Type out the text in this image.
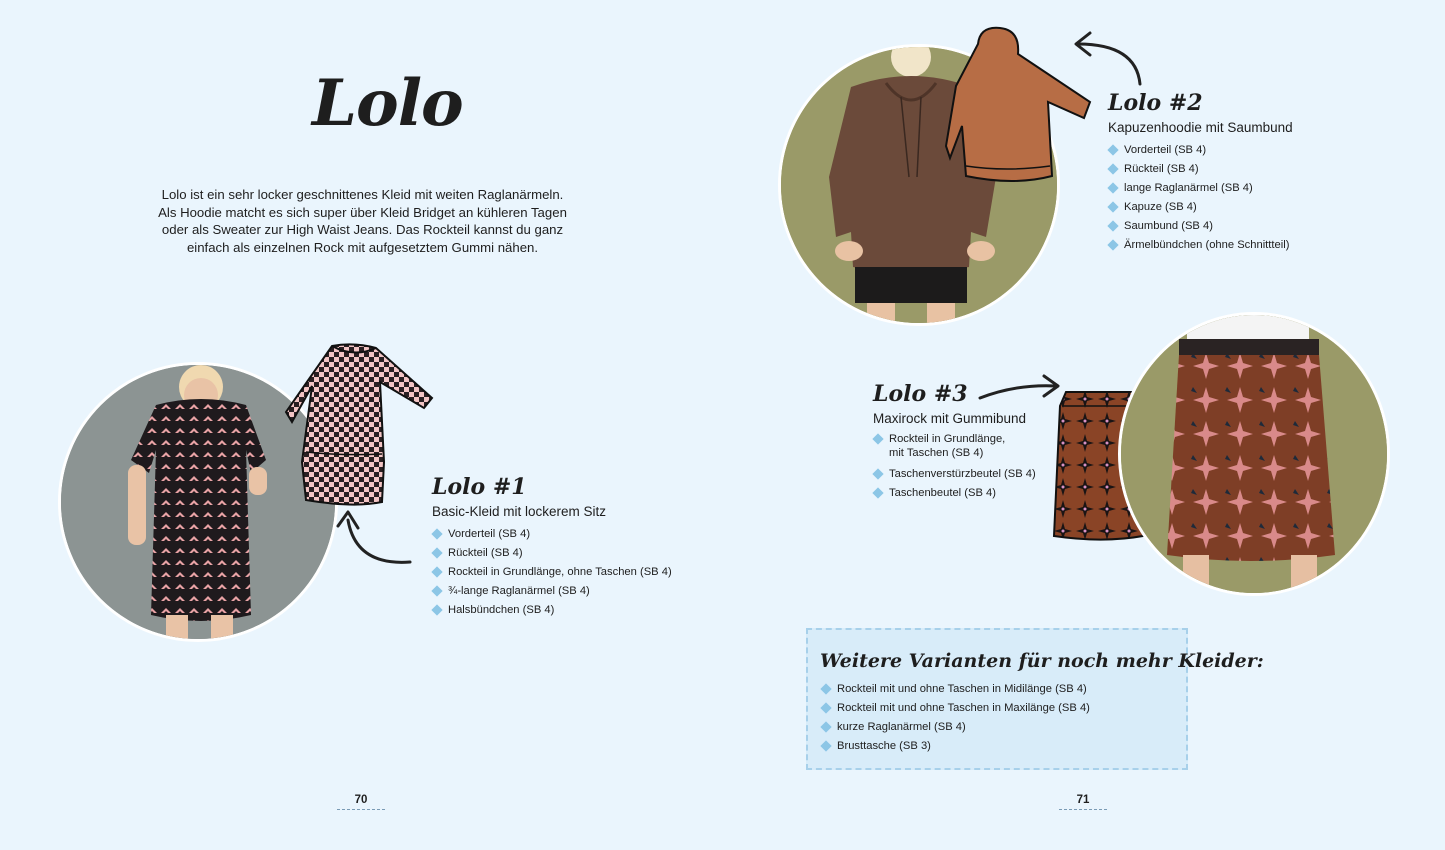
Lolo
Lolo ist ein sehr locker geschnittenes Kleid mit weiten Raglanärmeln.
Als Hoodie matcht es sich super über Kleid Bridget an kühleren Tagen
oder als Sweater zur High Waist Jeans. Das Rockteil kannst du ganz
einfach als einzelnen Rock mit aufgesetztem Gummi nähen.
Lolo #1
Basic-Kleid mit lockerem Sitz
Vorderteil (SB 4)
Rückteil (SB 4)
Rockteil in Grundlänge, ohne Taschen (SB 4)
¾-lange Raglanärmel (SB 4)
Halsbündchen (SB 4)
70
Lolo #2
Kapuzenhoodie mit Saumbund
Vorderteil (SB 4)
Rückteil (SB 4)
lange Raglanärmel (SB 4)
Kapuze (SB 4)
Saumbund (SB 4)
Ärmelbündchen (ohne Schnittteil)
Lolo #3
Maxirock mit Gummibund
Rockteil in Grundlänge,
mit Taschen (SB 4)
Taschenverstürzbeutel (SB 4)
Taschenbeutel (SB 4)
Weitere Varianten für noch mehr Kleider:
Rockteil mit und ohne Taschen in Midilänge (SB 4)
Rockteil mit und ohne Taschen in Maxilänge (SB 4)
kurze Raglanärmel (SB 4)
Brusttasche (SB 3)
71
